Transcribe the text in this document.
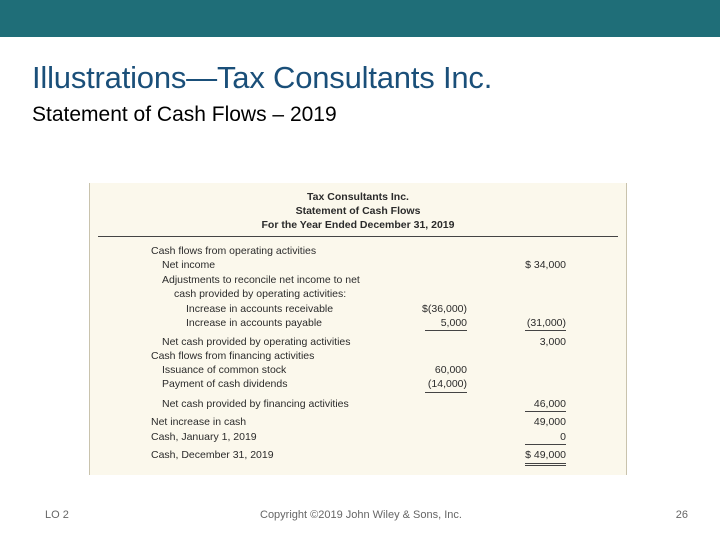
Illustrations—Tax Consultants Inc.
Statement of Cash Flows – 2019
Tax Consultants Inc.
Statement of Cash Flows
For the Year Ended December 31, 2019
Cash flows from operating activities
Net income	$ 34,000
Adjustments to reconcile net income to net
cash provided by operating activities:
Increase in accounts receivable	$(36,000)
Increase in accounts payable	5,000	(31,000)
Net cash provided by operating activities	3,000
Cash flows from financing activities
Issuance of common stock	60,000
Payment of cash dividends	(14,000)
Net cash provided by financing activities	46,000
Net increase in cash	49,000
Cash, January 1, 2019	0
Cash, December 31, 2019	$ 49,000
LO 2	Copyright ©2019 John Wiley & Sons, Inc.	26
